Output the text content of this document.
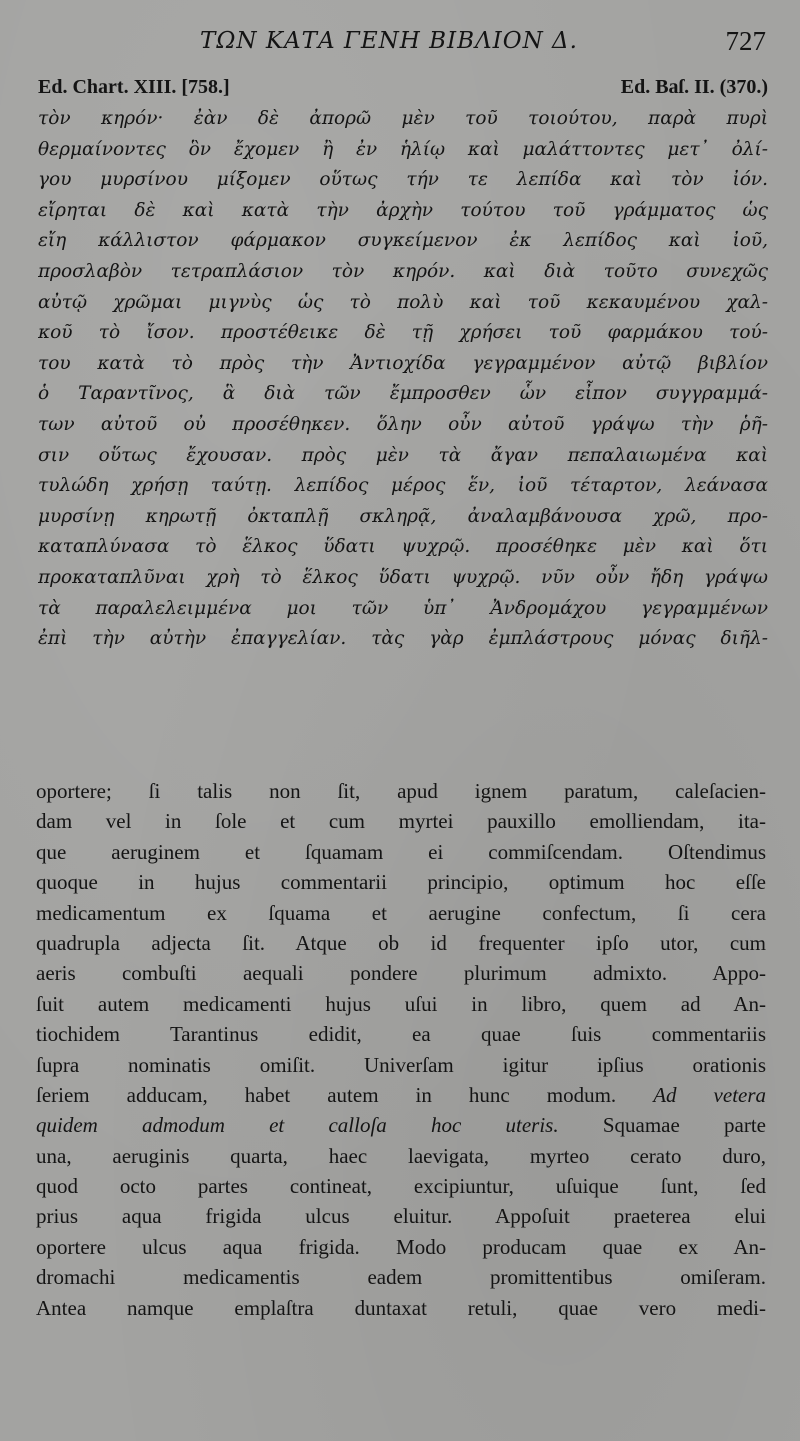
ΤΩΝ ΚΑΤΑ ΓΕΝΗ ΒΙΒΛΙΟΝ Δ.	727
Ed. Chart. XIII. [758.]	Ed. Baſ. II. (370.)
τὸν κηρόν· ἐὰν δὲ ἀπορῶ μὲν τοῦ τοιούτου, παρὰ πυρὶ
θερμαίνοντες ὃν ἔχομεν ἢ ἐν ἡλίῳ καὶ μαλάττοντες μετ᾽ ὀλί-
γου μυρσίνου μίξομεν οὕτως τήν τε λεπίδα καὶ τὸν ἰόν.
εἴρηται δὲ καὶ κατὰ τὴν ἀρχὴν τούτου τοῦ γράμματος ὡς
εἴη κάλλιστον φάρμακον συγκείμενον ἐκ λεπίδος καὶ ἰοῦ,
προσλαβὸν τετραπλάσιον τὸν κηρόν. καὶ διὰ τοῦτο συνεχῶς
αὐτῷ χρῶμαι μιγνὺς ὡς τὸ πολὺ καὶ τοῦ κεκαυμένου χαλ-
κοῦ τὸ ἴσον. προστέθεικε δὲ τῇ χρήσει τοῦ φαρμάκου τού-
του κατὰ τὸ πρὸς τὴν Ἀντιοχίδα γεγραμμένον αὐτῷ βιβλίον
ὁ Ταραντῖνος, ἃ διὰ τῶν ἔμπροσθεν ὧν εἶπον συγγραμμά-
των αὐτοῦ οὐ προσέθηκεν. ὅλην οὖν αὐτοῦ γράψω τὴν ῥῆ-
σιν οὕτως ἔχουσαν. πρὸς μὲν τὰ ἄγαν πεπαλαιωμένα καὶ
τυλώδη χρήσῃ ταύτῃ. λεπίδος μέρος ἕν, ἰοῦ τέταρτον, λεάνασα
μυρσίνῃ κηρωτῇ ὀκταπλῇ σκληρᾷ, ἀναλαμβάνουσα χρῶ, προ-
καταπλύνασα τὸ ἕλκος ὕδατι ψυχρῷ. προσέθηκε μὲν καὶ ὅτι
προκαταπλῦναι χρὴ τὸ ἕλκος ὕδατι ψυχρῷ. νῦν οὖν ἤδη γράψω
τὰ παραλελειμμένα μοι τῶν ὑπ᾽ Ἀνδρομάχου γεγραμμένων
ἐπὶ τὴν αὐτὴν ἐπαγγελίαν. τὰς γὰρ ἐμπλάστρους μόνας διῆλ-
oportere; ſi talis non ſit, apud ignem paratum, caleſacien-
dam vel in ſole et cum myrtei pauxillo emolliendam, ita-
que aeruginem et ſquamam ei commiſcendam. Oſtendimus
quoque in hujus commentarii principio, optimum hoc eſſe
medicamentum ex ſquama et aerugine confectum, ſi cera
quadrupla adjecta ſit. Atque ob id frequenter ipſo utor, cum
aeris combuſti aequali pondere plurimum admixto. Appo-
ſuit autem medicamenti hujus uſui in libro, quem ad An-
tiochidem Tarantinus edidit, ea quae ſuis commentariis
ſupra nominatis omiſit. Univerſam igitur ipſius orationis
ſeriem adducam, habet autem in hunc modum. Ad vetera
quidem admodum et calloſa hoc uteris. Squamae parte
una, aeruginis quarta, haec laevigata, myrteo cerato duro,
quod octo partes contineat, excipiuntur, uſuique ſunt, ſed
prius aqua frigida ulcus eluitur. Appoſuit praeterea elui
oportere ulcus aqua frigida. Modo producam quae ex An-
dromachi medicamentis eadem promittentibus omiſeram.
Antea namque emplaſtra duntaxat retuli, quae vero medi-
